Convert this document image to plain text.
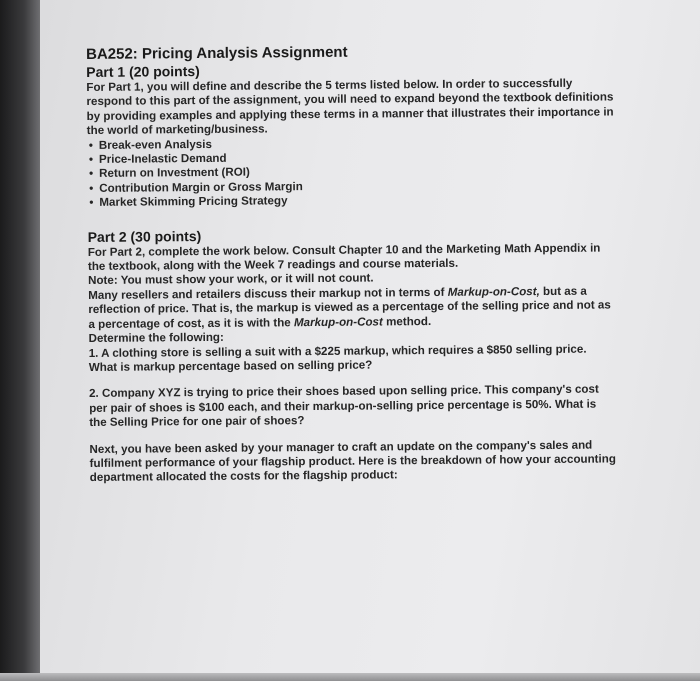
BA252: Pricing Analysis Assignment

Part 1 (20 points)

For Part 1, you will define and describe the 5 terms listed below. In order to successfully

respond to this part of the assignment, you will need to expand beyond the textbook definitions

by providing examples and applying these terms in a manner that illustrates their importance in

the world of marketing/business.

• Break-even Analysis
• Price-Inelastic Demand
• Return on Investment (ROI)
• Contribution Margin or Gross Margin
• Market Skimming Pricing Strategy

Part 2 (30 points)

For Part 2, complete the work below. Consult Chapter 10 and the Marketing Math Appendix in

the textbook, along with the Week 7 readings and course materials.

Note: You must show your work, or it will not count.

Many resellers and retailers discuss their markup not in terms of Markup-on-Cost, but as a

reflection of price. That is, the markup is viewed as a percentage of the selling price and not as

a percentage of cost, as it is with the Markup-on-Cost method.

Determine the following:

1. A clothing store is selling a suit with a $225 markup, which requires a $850 selling price.

What is markup percentage based on selling price?

2. Company XYZ is trying to price their shoes based upon selling price. This company's cost

per pair of shoes is $100 each, and their markup-on-selling price percentage is 50%. What is

the Selling Price for one pair of shoes?

Next, you have been asked by your manager to craft an update on the company's sales and

fulfilment performance of your flagship product. Here is the breakdown of how your accounting

department allocated the costs for the flagship product:
